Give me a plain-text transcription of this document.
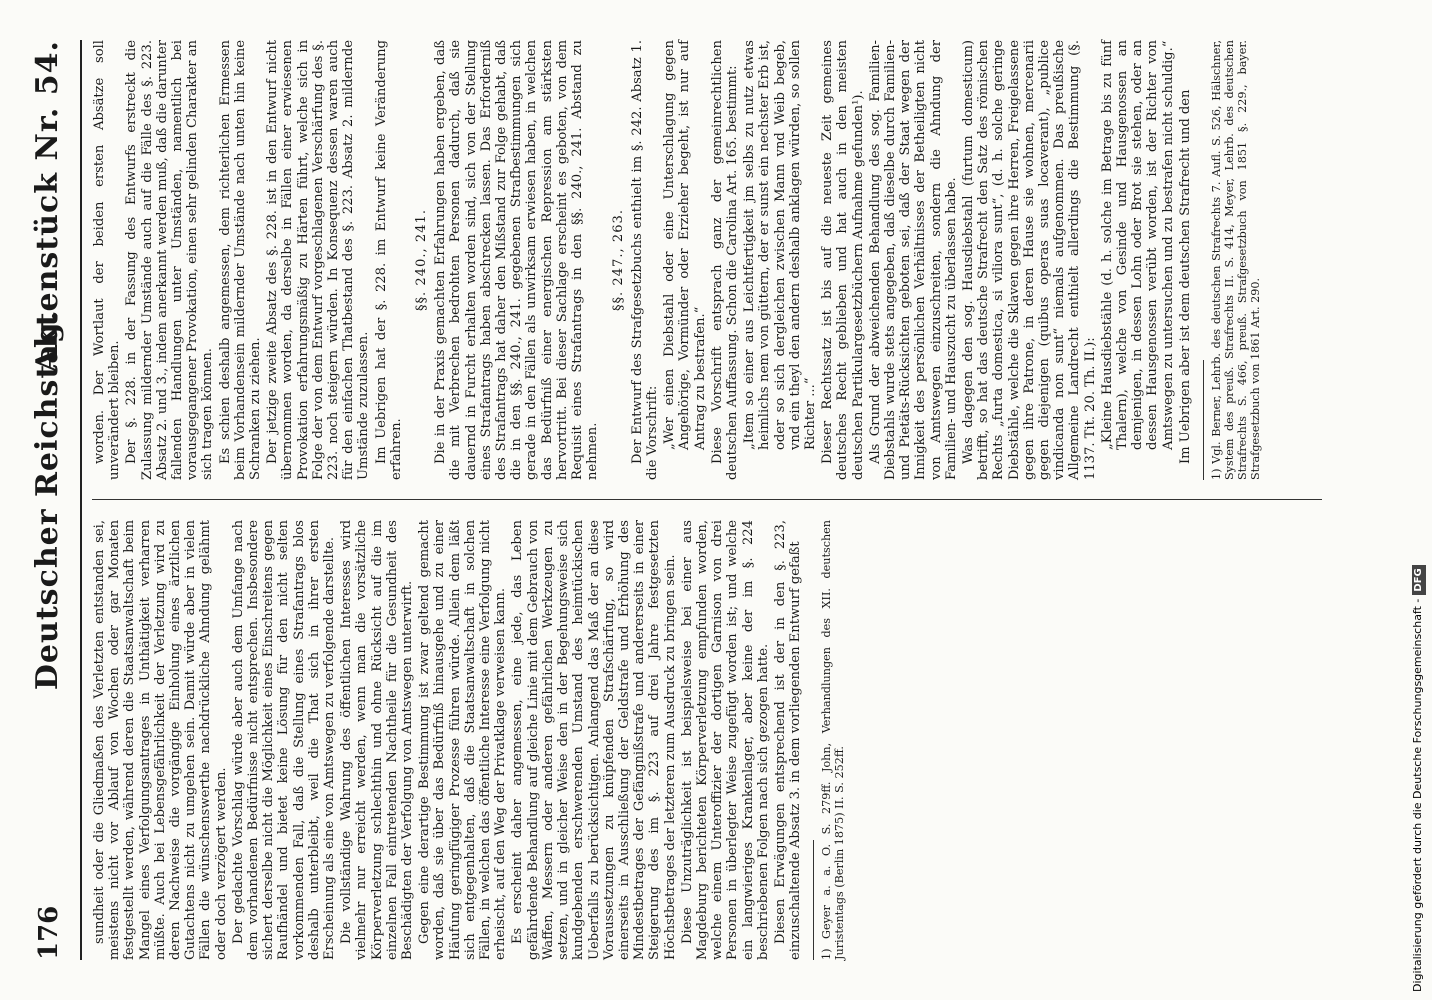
176
Deutscher Reichstag.
Aktenstück Nr. 54.

sundheit oder die Gliedmaßen des Verletzten entstanden sei, meistens nicht vor Ablauf von Wochen oder gar Monaten festgestellt werden, während deren die Staatsanwaltschaft beim Mangel eines Verfolgungsantrages in Unthätigkeit verharren müßte. Auch bei Lebensgefährlichkeit der Verletzung wird zu deren Nachweise die vorgängige Einholung eines ärztlichen Gutachtens nicht zu umgehen sein. Damit würde aber in vielen Fällen die wünschenswerthe nachdrückliche Ahndung gelähmt oder doch verzögert werden. Der gedachte Vorschlag würde aber auch dem Umfange nach dem vorhandenen Bedürfnisse nicht entsprechen. Insbesondere sichert derselbe nicht die Möglichkeit eines Einschreitens gegen Raufhändel und bietet keine Lösung für den nicht selten vorkommenden Fall, daß die Stellung eines Strafantrags blos deshalb unterbleibt, weil die That sich in ihrer ersten Erscheinung als eine von Amtswegen zu verfolgende darstellte. Die vollständige Wahrung des öffentlichen Interesses wird vielmehr nur erreicht werden, wenn man die vorsätzliche Körperverletzung schlechthin und ohne Rücksicht auf die im einzelnen Fall eintretenden Nachtheile für die Gesundheit des Beschädigten der Verfolgung von Amtswegen unterwirft. Gegen eine derartige Bestimmung ist zwar geltend gemacht worden, daß sie über das Bedürfniß hinausgehe und zu einer Häufung geringfügiger Prozesse führen würde. Allein dem läßt sich entgegenhalten, daß die Staatsanwaltschaft in solchen Fällen, in welchen das öffentliche Interesse eine Verfolgung nicht erheischt, auf den Weg der Privatklage verweisen kann. Es erscheint daher angemessen, eine jede, das Leben gefährdende Behandlung auf gleiche Linie mit dem Gebrauch von Waffen, Messern oder anderen gefährlichen Werkzeugen zu setzen, und in gleicher Weise den in der Begehungsweise sich kundgebenden erschwerenden Umstand des heimtückischen Ueberfalls zu berücksichtigen. Anlangend das Maß der an diese Voraussetzungen zu knüpfenden Strafschärfung, so wird einerseits in Ausschließung der Geldstrafe und Erhöhung des Mindestbetrages der Gefängnißstrafe und andererseits in einer Steigerung des im §. 223 auf drei Jahre festgesetzten Höchstbetrages der letzteren zum Ausdruck zu bringen sein. Diese Unzuträglichkeit ist beispielsweise bei einer aus Magdeburg berichteten Körperverletzung empfunden worden, welche einem Unteroffizier der dortigen Garnison von drei Personen in überlegter Weise zugefügt worden ist; und welche ein langwieriges Krankenlager, aber keine der im §. 224 beschriebenen Folgen nach sich gezogen hatte. Diesen Erwägungen entsprechend ist der in den §. 223, einzuschaltende Absatz 3. in dem vorliegenden Entwurf gefaßt 1) Geyer a. a. O. S. 279ff. John, Verhandlungen des XII. deutschen Juristentags (Berlin 1875) II. S. 252ff.

worden. Der Wortlaut der beiden ersten Absätze soll unverändert bleiben. Der §. 228. in der Fassung des Entwurfs erstreckt die Zulassung mildernder Umstände auch auf die Fälle des §. 223. Absatz 2. und 3., indem anerkannt werden muß, daß die darunter fallenden Handlungen unter Umständen, namentlich bei vorausgegangener Provokation, einen sehr gelinden Charakter an sich tragen können. Es schien deshalb angemessen, dem richterlichen Ermessen beim Vorhandensein mildernder Umstände nach unten hin keine Schranken zu ziehen. Der jetzige zweite Absatz des §. 228. ist in den Entwurf nicht übernommen worden, da derselbe in Fällen einer erwiesenen Provokation erfahrungsmäßig zu Härten führt, welche sich in Folge der von dem Entwurf vorgeschlagenen Verschärfung des §. 223. noch steigern würden. In Konsequenz dessen waren auch für den einfachen Thatbestand des §. 223. Absatz 2. mildernde Umstände zuzulassen. Im Uebrigen hat der §. 228. im Entwurf keine Veränderung erfahren.

§§. 240., 241. Die in der Praxis gemachten Erfahrungen haben ergeben, daß die mit Verbrechen bedrohten Personen dadurch, daß sie dauernd in Furcht erhalten worden sind, sich von der Stellung eines Strafantrags haben abschrecken lassen. Das Erforderniß des Strafantrags hat daher den Mißstand zur Folge gehabt, daß die in den §§. 240., 241. gegebenen Strafbestimmungen sich gerade in den Fällen als unwirksam erwiesen haben, in welchen das Bedürfniß einer energischen Repression am stärksten hervortritt. Bei dieser Sachlage erscheint es geboten, von dem Requisit eines Strafantrags in den §§. 240., 241. Abstand zu nehmen.

§§. 247., 263. Der Entwurf des Strafgesetzbuchs enthielt im §. 242. Absatz 1. die Vorschrift: „Wer einen Diebstahl oder eine Unterschlagung gegen Angehörige, Vormünder oder Erzieher begeht, ist nur auf Antrag zu bestrafen.“ Diese Vorschrift entsprach ganz der gemeinrechtlichen deutschen Auffassung. Schon die Carolina Art. 165. bestimmt: „Item so einer aus Leichtfertigkeit jm selbs zu nutz etwas heimlichs nem von güttern, der er sunst ein nechster Erb ist, oder so sich dergleichen zwischen Mann vnd Weib begeb, vnd ein theyl den andern deshalb anklagen würden, so sollen Richter ...“ Dieser Rechtssatz ist bis auf die neueste Zeit gemeines deutsches Recht geblieben und hat auch in den meisten deutschen Partikulargesetzbüchern Aufnahme gefunden¹). Als Grund der abweichenden Behandlung des sog. Familien-Diebstahls wurde stets angegeben, daß dieselbe durch Familien- und Pietäts-Rücksichten geboten sei, daß der Staat wegen der Innigkeit des persönlichen Verhältnisses der Betheiligten nicht von Amtswegen einzuschreiten, sondern die Ahndung der Familien- und Hauszucht zu überlassen habe. Was dagegen den sog. Hausdiebstahl (furtum domesticum) betrifft, so hat das deutsche Strafrecht den Satz des römischen Rechts „furta domestica, si viliora sunt“, (d. h. solche geringe Diebstähle, welche die Sklaven gegen ihre Herren, Freigelassene gegen ihre Patrone, in deren Hause sie wohnen, mercenarii gegen diejenigen (quibus operas suas locaverant), „publice vindicanda non sunt“ niemals aufgenommen. Das preußische Allgemeine Landrecht enthielt allerdings die Bestimmung (§. 1137. Tit. 20. Th. II.): „Kleine Hausdiebstähle (d. h. solche im Betrage bis zu fünf Thalern), welche von Gesinde und Hausgenossen an demjenigen, in dessen Lohn oder Brot sie stehen, oder an dessen Hausgenossen verübt worden, ist der Richter von Amtswegen zu untersuchen und zu bestrafen nicht schuldig.“ Im Uebrigen aber ist dem deutschen Strafrecht und den 1) Vgl. Berner, Lehrb. des deutschen Strafrechts 7. Aufl. S. 526, Hälschner, System des preuß. Strafrechts II. S. 414, Meyer, Lehrb. des deutschen Strafrechts S. 466, preuß. Strafgesetzbuch von 1851 §. 229., bayer. Strafgesetzbuch von 1861 Art. 290.

Digitalisierung gefördert durch die Deutsche Forschungsgemeinschaft -DFG
